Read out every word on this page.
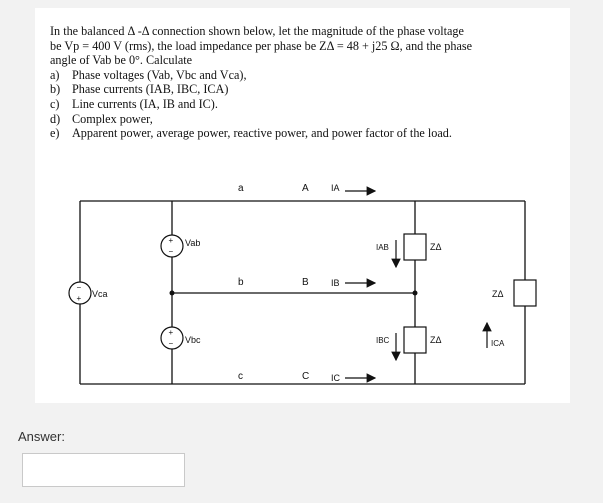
In the balanced Δ -Δ connection shown below, let the magnitude of the phase voltage

be Vp = 400 V (rms), the load impedance per phase be ZΔ = 48 + j25 Ω, and the phase

angle of Vab be 0°. Calculate

a)	Phase voltages (Vab, Vbc and Vca),
b) Phase currents (IAB, IBC, ICA)
c)	Line currents (IA, IB and IC).
d) Complex power,
e)	Apparent power, average power, reactive power, and power factor of the load.
−
+
+
−
+
−
a	A
b	B
c	C
IA
IB
IC
Vab
Vbc
Vca
IAB
IBC	ICA
ZΔ
ZΔ
ZΔ
Answer:
